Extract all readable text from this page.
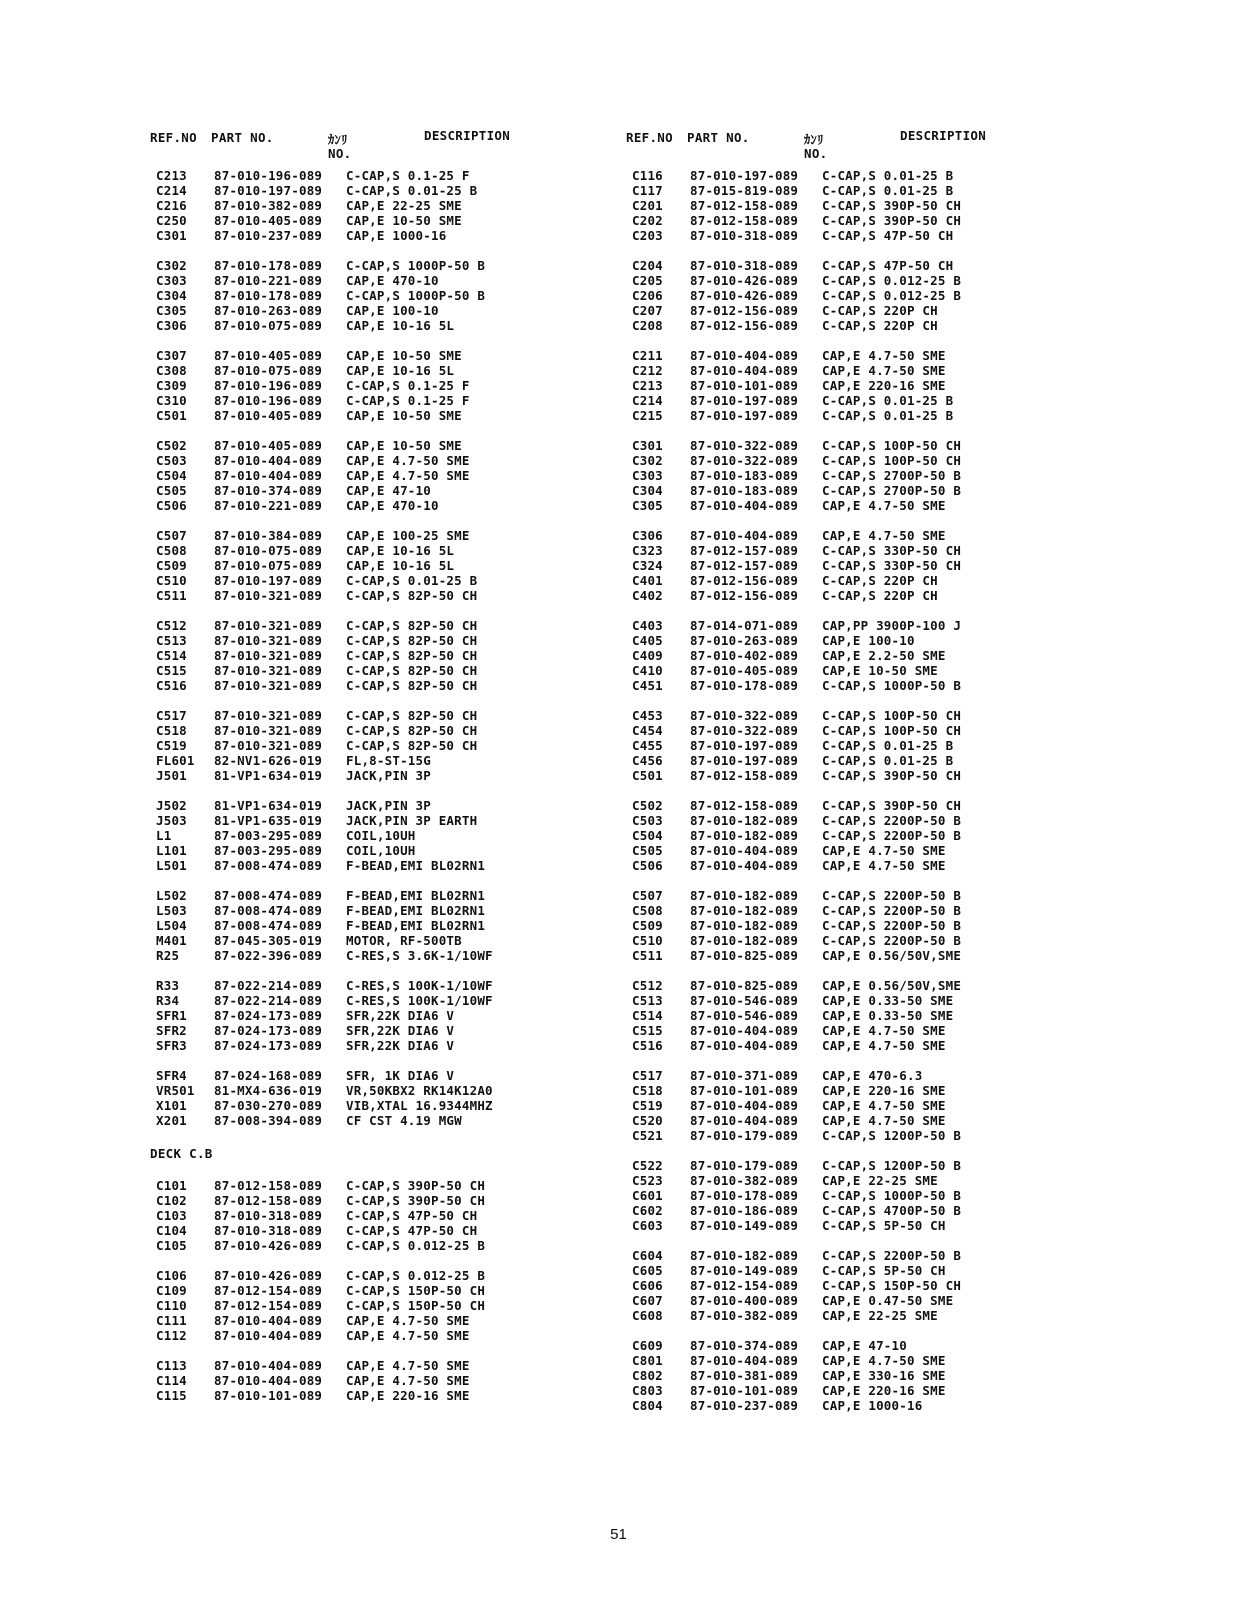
REF.NO PART NO.	ｶﾝﾘ
NO.
DESCRIPTION
C213 87-010-196-089 C-CAP,S 0.1-25 F
C214 87-010-197-089 C-CAP,S 0.01-25 B
C216 87-010-382-089 CAP,E 22-25 SME
C250 87-010-405-089 CAP,E 10-50 SME
C301 87-010-237-089 CAP,E 1000-16
C302 87-010-178-089 C-CAP,S 1000P-50 B
C303 87-010-221-089 CAP,E 470-10
C304 87-010-178-089 C-CAP,S 1000P-50 B
C305 87-010-263-089 CAP,E 100-10
C306 87-010-075-089 CAP,E 10-16 5L
C307 87-010-405-089 CAP,E 10-50 SME
C308 87-010-075-089 CAP,E 10-16 5L
C309 87-010-196-089 C-CAP,S 0.1-25 F
C310 87-010-196-089 C-CAP,S 0.1-25 F
C501 87-010-405-089 CAP,E 10-50 SME
C502 87-010-405-089 CAP,E 10-50 SME
C503 87-010-404-089 CAP,E 4.7-50 SME
C504 87-010-404-089 CAP,E 4.7-50 SME
C505 87-010-374-089 CAP,E 47-10
C506 87-010-221-089 CAP,E 470-10
C507 87-010-384-089 CAP,E 100-25 SME
C508 87-010-075-089 CAP,E 10-16 5L
C509 87-010-075-089 CAP,E 10-16 5L
C510 87-010-197-089 C-CAP,S 0.01-25 B
C511 87-010-321-089 C-CAP,S 82P-50 CH
C512 87-010-321-089 C-CAP,S 82P-50 CH
C513 87-010-321-089 C-CAP,S 82P-50 CH
C514 87-010-321-089 C-CAP,S 82P-50 CH
C515 87-010-321-089 C-CAP,S 82P-50 CH
C516 87-010-321-089 C-CAP,S 82P-50 CH
C517 87-010-321-089 C-CAP,S 82P-50 CH
C518 87-010-321-089 C-CAP,S 82P-50 CH
C519 87-010-321-089 C-CAP,S 82P-50 CH
FL601 82-NV1-626-019 FL,8-ST-15G
J501 81-VP1-634-019 JACK,PIN 3P
J502 81-VP1-634-019 JACK,PIN 3P
J503 81-VP1-635-019 JACK,PIN 3P EARTH
L1	87-003-295-089 COIL,10UH
L101 87-003-295-089 COIL,10UH
L501 87-008-474-089 F-BEAD,EMI BL02RN1
L502 87-008-474-089 F-BEAD,EMI BL02RN1
L503 87-008-474-089 F-BEAD,EMI BL02RN1
L504 87-008-474-089 F-BEAD,EMI BL02RN1
M401 87-045-305-019 MOTOR, RF-500TB
R25	87-022-396-089 C-RES,S 3.6K-1/10WF
R33	87-022-214-089 C-RES,S 100K-1/10WF
R34	87-022-214-089 C-RES,S 100K-1/10WF
SFR1 87-024-173-089 SFR,22K DIA6 V
SFR2 87-024-173-089 SFR,22K DIA6 V
SFR3 87-024-173-089 SFR,22K DIA6 V
SFR4 87-024-168-089 SFR, 1K DIA6 V
VR501 81-MX4-636-019 VR,50KBX2 RK14K12A0
X101 87-030-270-089 VIB,XTAL 16.9344MHZ
X201 87-008-394-089 CF CST 4.19 MGW
DECK C.B
C101 87-012-158-089 C-CAP,S 390P-50 CH
C102 87-012-158-089 C-CAP,S 390P-50 CH
C103 87-010-318-089 C-CAP,S 47P-50 CH
C104 87-010-318-089 C-CAP,S 47P-50 CH
C105 87-010-426-089 C-CAP,S 0.012-25 B
C106 87-010-426-089 C-CAP,S 0.012-25 B
C109 87-012-154-089 C-CAP,S 150P-50 CH
C110 87-012-154-089 C-CAP,S 150P-50 CH
C111 87-010-404-089 CAP,E 4.7-50 SME
C112 87-010-404-089 CAP,E 4.7-50 SME
C113 87-010-404-089 CAP,E 4.7-50 SME
C114 87-010-404-089 CAP,E 4.7-50 SME
C115 87-010-101-089 CAP,E 220-16 SME
REF.NO PART NO.	ｶﾝﾘ
NO.
DESCRIPTION
C116 87-010-197-089 C-CAP,S 0.01-25 B
C117 87-015-819-089 C-CAP,S 0.01-25 B
C201 87-012-158-089 C-CAP,S 390P-50 CH
C202 87-012-158-089 C-CAP,S 390P-50 CH
C203 87-010-318-089 C-CAP,S 47P-50 CH
C204 87-010-318-089 C-CAP,S 47P-50 CH
C205 87-010-426-089 C-CAP,S 0.012-25 B
C206 87-010-426-089 C-CAP,S 0.012-25 B
C207 87-012-156-089 C-CAP,S 220P CH
C208 87-012-156-089 C-CAP,S 220P CH
C211 87-010-404-089 CAP,E 4.7-50 SME
C212 87-010-404-089 CAP,E 4.7-50 SME
C213 87-010-101-089 CAP,E 220-16 SME
C214 87-010-197-089 C-CAP,S 0.01-25 B
C215 87-010-197-089 C-CAP,S 0.01-25 B
C301 87-010-322-089 C-CAP,S 100P-50 CH
C302 87-010-322-089 C-CAP,S 100P-50 CH
C303 87-010-183-089 C-CAP,S 2700P-50 B
C304 87-010-183-089 C-CAP,S 2700P-50 B
C305 87-010-404-089 CAP,E 4.7-50 SME
C306 87-010-404-089 CAP,E 4.7-50 SME
C323 87-012-157-089 C-CAP,S 330P-50 CH
C324 87-012-157-089 C-CAP,S 330P-50 CH
C401 87-012-156-089 C-CAP,S 220P CH
C402 87-012-156-089 C-CAP,S 220P CH
C403 87-014-071-089 CAP,PP 3900P-100 J
C405 87-010-263-089 CAP,E 100-10
C409 87-010-402-089 CAP,E 2.2-50 SME
C410 87-010-405-089 CAP,E 10-50 SME
C451 87-010-178-089 C-CAP,S 1000P-50 B
C453 87-010-322-089 C-CAP,S 100P-50 CH
C454 87-010-322-089 C-CAP,S 100P-50 CH
C455 87-010-197-089 C-CAP,S 0.01-25 B
C456 87-010-197-089 C-CAP,S 0.01-25 B
C501 87-012-158-089 C-CAP,S 390P-50 CH
C502 87-012-158-089 C-CAP,S 390P-50 CH
C503 87-010-182-089 C-CAP,S 2200P-50 B
C504 87-010-182-089 C-CAP,S 2200P-50 B
C505 87-010-404-089 CAP,E 4.7-50 SME
C506 87-010-404-089 CAP,E 4.7-50 SME
C507 87-010-182-089 C-CAP,S 2200P-50 B
C508 87-010-182-089 C-CAP,S 2200P-50 B
C509 87-010-182-089 C-CAP,S 2200P-50 B
C510 87-010-182-089 C-CAP,S 2200P-50 B
C511 87-010-825-089 CAP,E 0.56/50V,SME
C512 87-010-825-089 CAP,E 0.56/50V,SME
C513 87-010-546-089 CAP,E 0.33-50 SME
C514 87-010-546-089 CAP,E 0.33-50 SME
C515 87-010-404-089 CAP,E 4.7-50 SME
C516 87-010-404-089 CAP,E 4.7-50 SME
C517 87-010-371-089 CAP,E 470-6.3
C518 87-010-101-089 CAP,E 220-16 SME
C519 87-010-404-089 CAP,E 4.7-50 SME
C520 87-010-404-089 CAP,E 4.7-50 SME
C521 87-010-179-089 C-CAP,S 1200P-50 B
C522 87-010-179-089 C-CAP,S 1200P-50 B
C523 87-010-382-089 CAP,E 22-25 SME
C601 87-010-178-089 C-CAP,S 1000P-50 B
C602 87-010-186-089 C-CAP,S 4700P-50 B
C603 87-010-149-089 C-CAP,S 5P-50 CH
C604 87-010-182-089 C-CAP,S 2200P-50 B
C605 87-010-149-089 C-CAP,S 5P-50 CH
C606 87-012-154-089 C-CAP,S 150P-50 CH
C607 87-010-400-089 CAP,E 0.47-50 SME
C608 87-010-382-089 CAP,E 22-25 SME
C609 87-010-374-089 CAP,E 47-10
C801 87-010-404-089 CAP,E 4.7-50 SME
C802 87-010-381-089 CAP,E 330-16 SME
C803 87-010-101-089 CAP,E 220-16 SME
C804 87-010-237-089 CAP,E 1000-16
51
